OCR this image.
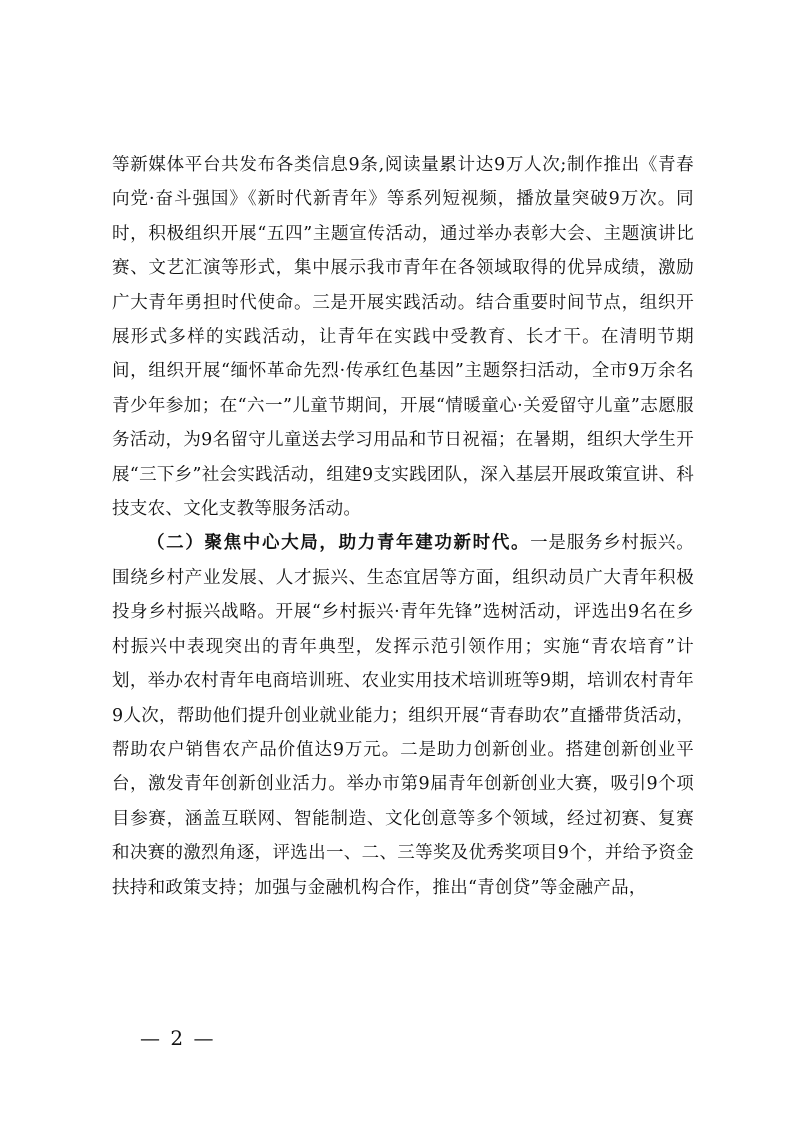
等新媒体平台共发布各类信息9条,阅读量累计达9万人次;制作推出《青春向党·奋斗强国》《新时代新青年》等系列短视频，播放量突破9万次。同时，积极组织开展“五四”主题宣传活动，通过举办表彰大会、主题演讲比赛、文艺汇演等形式，集中展示我市青年在各领域取得的优异成绩，激励广大青年勇担时代使命。三是开展实践活动。结合重要时间节点，组织开展形式多样的实践活动，让青年在实践中受教育、长才干。在清明节期间，组织开展“缅怀革命先烈·传承红色基因”主题祭扫活动，全市9万余名青少年参加；在“六一”儿童节期间，开展“情暖童心·关爱留守儿童”志愿服务活动，为9名留守儿童送去学习用品和节日祝福；在暑期，组织大学生开展“三下乡”社会实践活动，组建9支实践团队，深入基层开展政策宣讲、科技支农、文化支教等服务活动。

（二）聚焦中心大局，助力青年建功新时代。一是服务乡村振兴。围绕乡村产业发展、人才振兴、生态宜居等方面，组织动员广大青年积极投身乡村振兴战略。开展“乡村振兴·青年先锋”选树活动，评选出9名在乡村振兴中表现突出的青年典型，发挥示范引领作用；实施“青农培育”计划，举办农村青年电商培训班、农业实用技术培训班等9期，培训农村青年9人次，帮助他们提升创业就业能力；组织开展“青春助农”直播带货活动，帮助农户销售农产品价值达9万元。二是助力创新创业。搭建创新创业平台，激发青年创新创业活力。举办市第9届青年创新创业大赛，吸引9个项目参赛，涵盖互联网、智能制造、文化创意等多个领域，经过初赛、复赛和决赛的激烈角逐，评选出一、二、三等奖及优秀奖项目9个，并给予资金扶持和政策支持；加强与金融机构合作，推出“青创贷”等金融产品，

— 2 —
